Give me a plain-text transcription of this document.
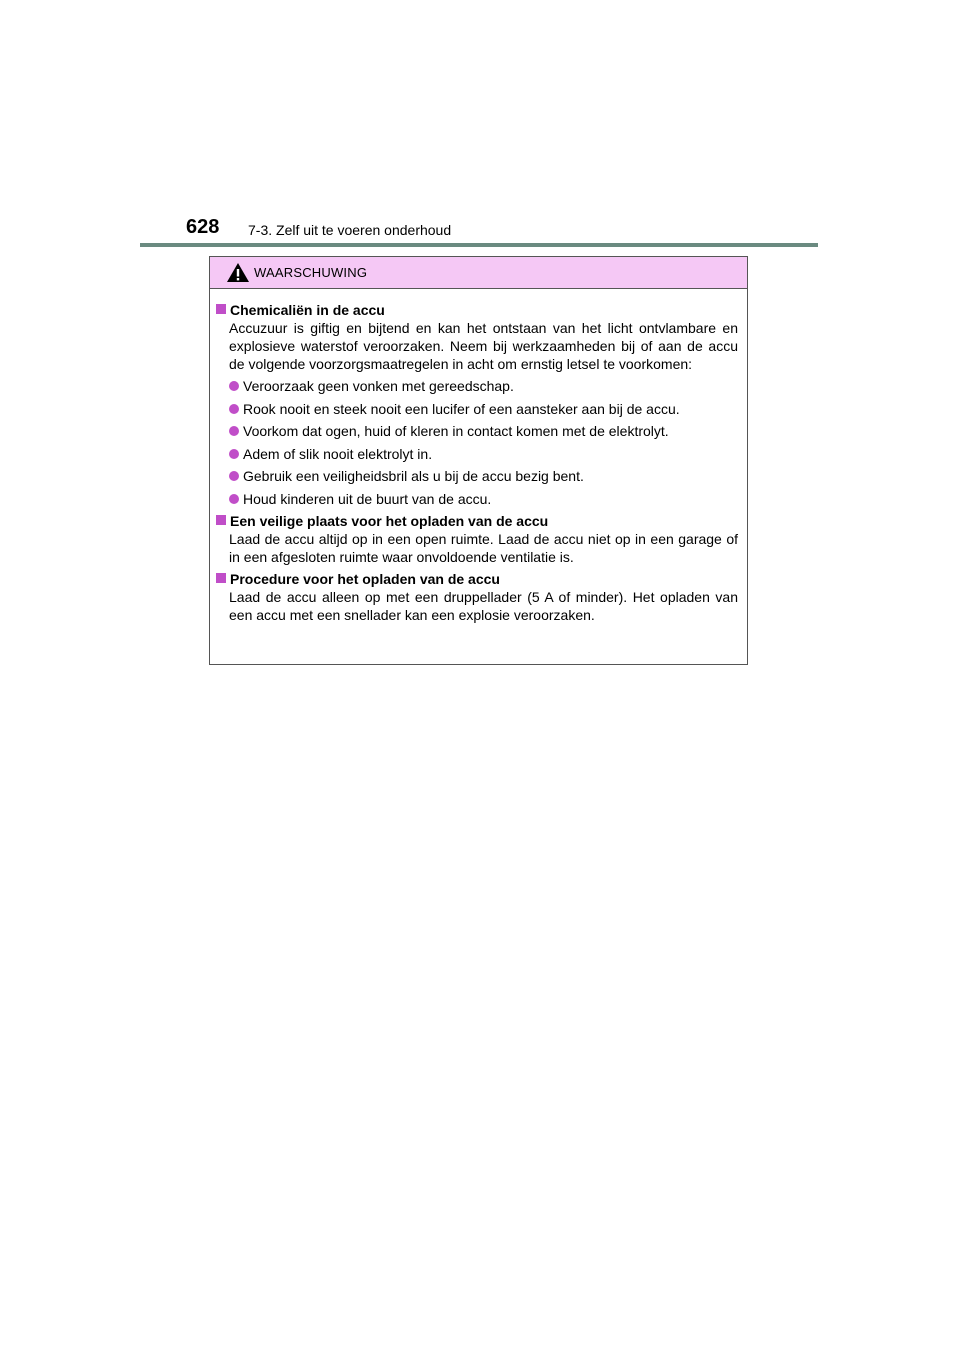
628 7-3. Zelf uit te voeren onderhoud
WAARSCHUWING
Chemicaliën in de accu
Accuzuur is giftig en bijtend en kan het ontstaan van het licht ontvlambare en explosieve waterstof veroorzaken. Neem bij werkzaamheden bij of aan de accu de volgende voorzorgsmaatregelen in acht om ernstig letsel te voorkomen:
Veroorzaak geen vonken met gereedschap.
Rook nooit en steek nooit een lucifer of een aansteker aan bij de accu.
Voorkom dat ogen, huid of kleren in contact komen met de elektrolyt.
Adem of slik nooit elektrolyt in.
Gebruik een veiligheidsbril als u bij de accu bezig bent.
Houd kinderen uit de buurt van de accu.
Een veilige plaats voor het opladen van de accu
Laad de accu altijd op in een open ruimte. Laad de accu niet op in een garage of in een afgesloten ruimte waar onvoldoende ventilatie is.
Procedure voor het opladen van de accu
Laad de accu alleen op met een druppellader (5 A of minder). Het opladen van een accu met een snellader kan een explosie veroorzaken.
